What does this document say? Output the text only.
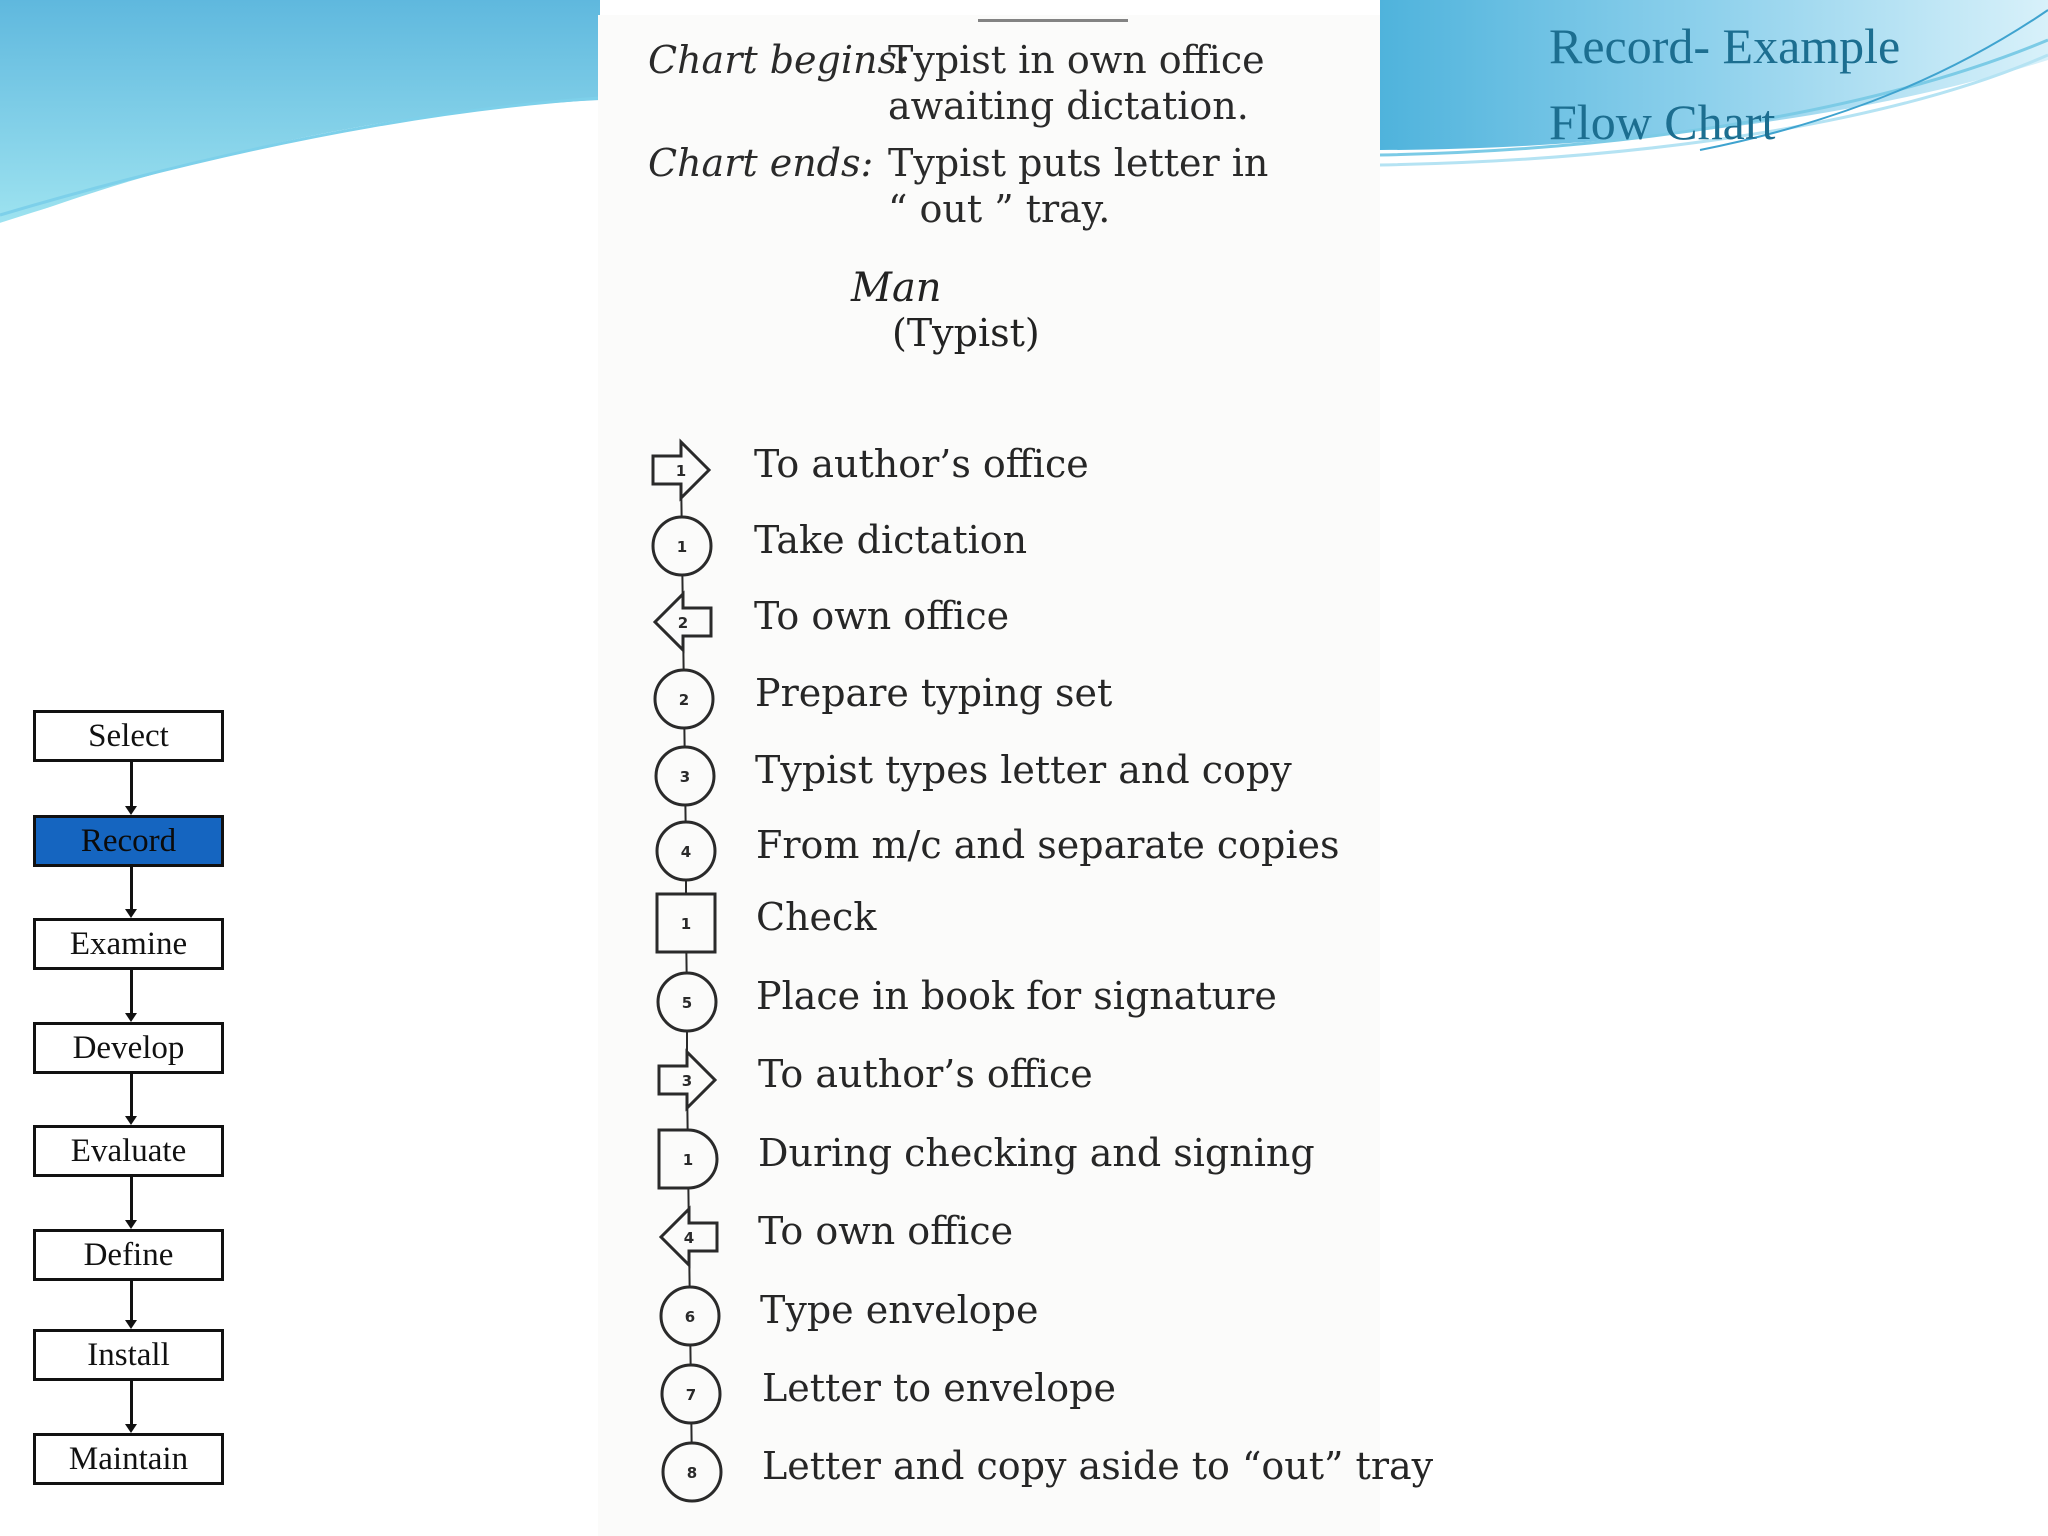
Record- Example
Flow Chart
Select
Record
Examine
Develop
Evaluate
Define
Install
Maintain
Chart begins:
Typist in own office
awaiting dictation.
Chart ends: Typist puts letter in
“ out ” tray.
Man
(Typist)
1
1
2
2
3
4
1
5
3
1
4
6
7
8
To author’s office
Take dictation
To own office
Prepare typing set
Typist types letter and copy
From m/c and separate copies
Check
Place in book for signature
To author’s office
During checking and signing
To own office
Type envelope
Letter to envelope
Letter and copy aside to “out” tray
